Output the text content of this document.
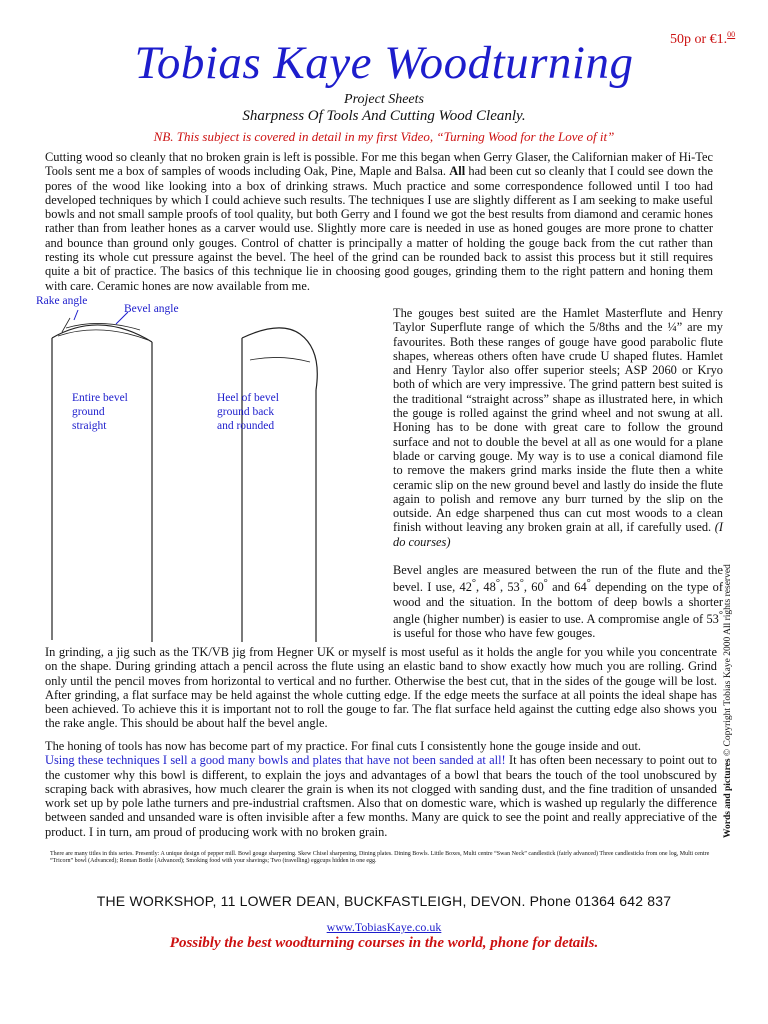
Tobias Kaye Woodturning	50p or €1.00
Project Sheets
Sharpness Of Tools And Cutting Wood Cleanly.
NB. This subject is covered in detail in my first Video, “Turning Wood for the Love of it”
Cutting wood so cleanly that no broken grain is left is possible. For me this began when Gerry Glaser, the Californian maker of Hi-Tec Tools sent me a box of samples of woods including Oak, Pine, Maple and Balsa. All had been cut so cleanly that I could see down the pores of the wood like looking into a box of drinking straws. Much practice and some correspondence followed until I too had developed techniques by which I could achieve such results. The techniques I use are slightly different as I am seeking to make useful bowls and not small sample proofs of tool quality, but both Gerry and I found we got the best results from diamond and ceramic hones rather than from leather hones as a carver would use. Slightly more care is needed in use as honed gouges are more prone to chatter and bounce than ground only gouges. Control of chatter is principally a matter of holding the gouge back from the cut rather than resting its whole cut pressure against the bevel. The heel of the grind can be rounded back to assist this process but it still requires quite a bit of practice. The basics of this technique lie in choosing good gouges, grinding them to the right pattern and honing them with care. Ceramic hones are now available from me.
Rake angle
Bevel angle
Entire bevel
ground
straight
Heel of bevel
ground back
and rounded
The gouges best suited are the Hamlet Masterflute and Henry Taylor Superflute range of which the 5/8ths and the ¼” are my favourites. Both these ranges of gouge have good parabolic flute shapes, whereas others often have crude U shaped flutes. Hamlet and Henry Taylor also offer superior steels; ASP 2060 or Kryo both of which are very impressive. The grind pattern best suited is the traditional “straight across” shape as illustrated here, in which the gouge is rolled against the grind wheel and not swung at all. Honing has to be done with great care to follow the ground surface and not to double the bevel at all as one would for a plane blade or carving gouge. My way is to use a conical diamond file to remove the makers grind marks inside the flute then a white ceramic slip on the new ground bevel and lastly do inside the flute again to polish and remove any burr turned by the slip on the outside. An edge sharpened thus can cut most woods to a clean finish without leaving any broken grain at all, if carefully used. (I do courses)
Bevel angles are measured between the run of the flute and the bevel. I use, 42°, 48°, 53°, 60° and 64° depending on the type of wood and the situation. In the bottom of deep bowls a shorter angle (higher number) is easier to use. A compromise angle of 53° is useful for those who have few gouges.
In grinding, a jig such as the TK/VB jig from Hegner UK or myself is most useful as it holds the angle for you while you concentrate on the shape. During grinding attach a pencil across the flute using an elastic band to show exactly how much you are rolling. Grind only until the pencil moves from horizontal to vertical and no further. Otherwise the best cut, that in the sides of the gouge will be lost. After grinding, a flat surface may be held against the whole cutting edge. If the edge meets the surface at all points the ideal shape has been achieved. To achieve this it is important not to roll the gouge to far. The flat surface held against the cutting edge also shows you the rake angle. This should be about half the bevel angle.
The honing of tools has now has become part of my practice. For final cuts I consistently hone the gouge inside and out.
Using these techniques I sell a good many bowls and plates that have not been sanded at all! It has often been necessary to point out to the customer why this bowl is different, to explain the joys and advantages of a bowl that bears the touch of the tool unobscured by scraping back with abrasives, how much clearer the grain is when its not clogged with sanding dust, and the fine tradition of unsanded work set up by pole lathe turners and pre-industrial craftsmen. Also that on domestic ware, which is washed up regularly the difference between sanded and unsanded ware is often invisible after a few months. Many are quick to see the point and really appreciative of the product. I in turn, am proud of producing work with no broken grain.	Words and pictures © Copyright Tobias Kaye 2000 All rights reserved
There are many titles in this series. Presently: A unique design of pepper mill. Bowl gouge sharpening. Skew Chisel sharpening, Dining plates. Dining Bowls. Little Boxes, Multi centre “Swan Neck” candlestick (fairly advanced) Three candlesticks from one log, Multi centre “Tricorn” bowl (Advanced); Roman Bottle (Advanced); Smoking food with your shavings; Two (travelling) eggcups hidden in one egg.
THE WORKSHOP, 11 LOWER DEAN, BUCKFASTLEIGH, DEVON. Phone 01364 642 837
www.TobiasKaye.co.uk
Possibly the best woodturning courses in the world, phone for details.
